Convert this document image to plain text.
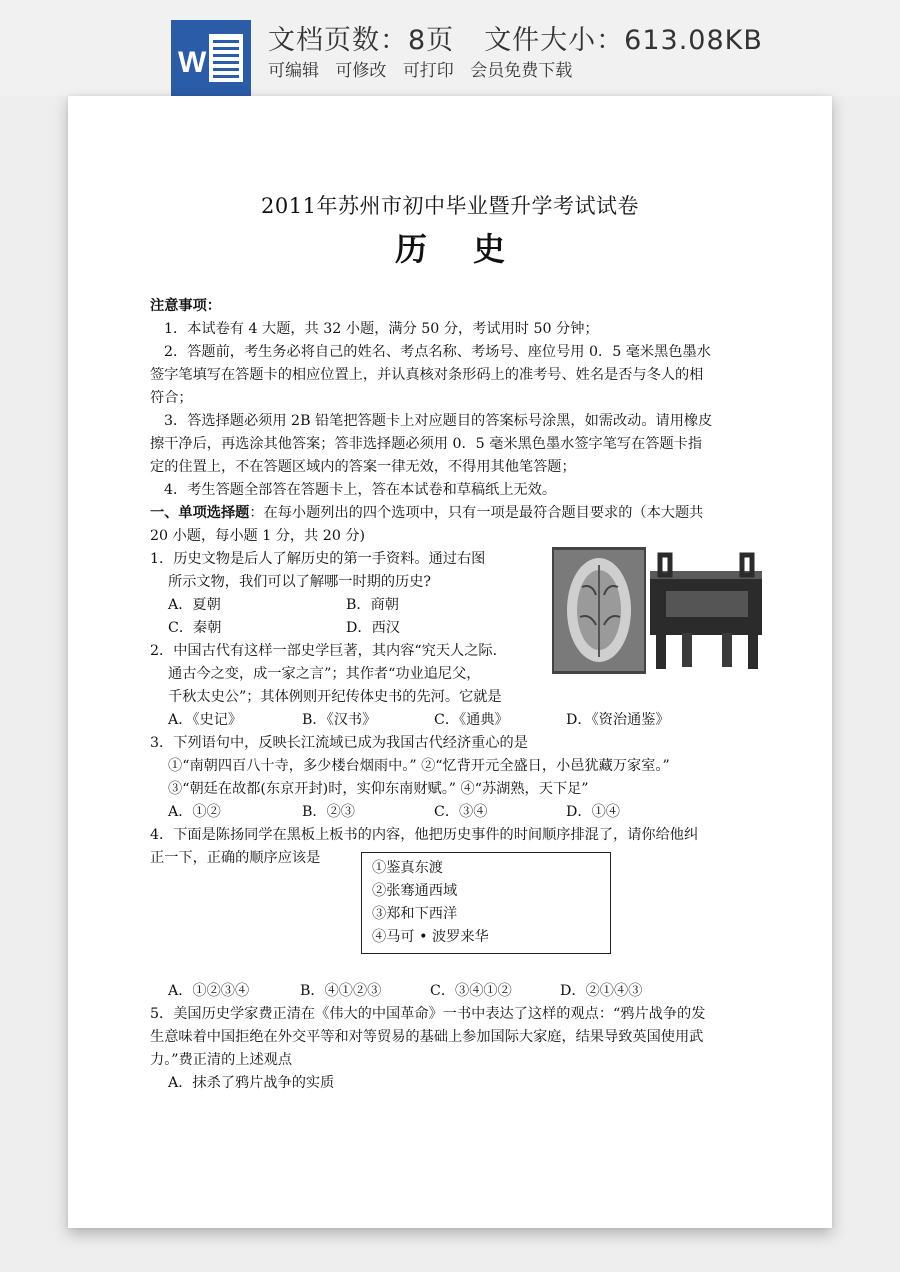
W
文档页数：8页 文件大小：613.08KB
可编辑 可修改 可打印 会员免费下载
2011年苏州市初中毕业暨升学考试试卷
历史
注意事项：
1．本试卷有 4 大题，共 32 小题，满分 50 分，考试用时 50 分钟；
2．答题前，考生务必将自己的姓名、考点名称、考场号、座位号用 0．5 毫米黑色墨水
签字笔填写在答题卡的相应位置上，并认真核对条形码上的准考号、姓名是否与冬人的相
符合；
3．答选择题必须用 2B 铅笔把答题卡上对应题目的答案标号涂黑，如需改动。请用橡皮
擦干净后，再选涂其他答案；答非选择题必须用 0．5 毫米黑色墨水签字笔写在答题卡指
定的住置上，不在答题区域内的答案一律无效，不得用其他笔答题；
4．考生答题全部答在答题卡上，答在本试卷和草稿纸上无效。
一、单项选择题：在每小题列出的四个选项中，只有一项是最符合题目要求的（本大题共
20 小题，每小题 1 分，共 20 分)
1．历史文物是后人了解历史的第一手资料。通过右图
所示文物，我们可以了解哪一时期的历史?
A．夏朝	B．商朝
C．秦朝	D．西汉
2．中国古代有这样一部史学巨著，其内容“究天人之际.
通古今之变，成一家之言”；其作者“功业追尼父，
千秋太史公”；其体例则开纪传体史书的先河。它就是
A．《史记》	B．《汉书》	C．《通典》	D．《资治通鉴》
3．下列语句中，反映长江流域已成为我国古代经济重心的是
①“南朝四百八十寺，多少楼台烟雨中。” ②“忆背开元全盛日，小邑犹藏万家室。”
③“朝廷在故都(东京开封)时，实仰东南财赋。” ④“苏湖熟，天下足”
A．①②	B．②③	C．③④	D．①④
4．下面是陈扬同学在黑板上板书的内容，他把历史事件的时间顺序排混了，请你给他纠
正一下，正确的顺序应该是
①鉴真东渡
②张骞通西域
③郑和下西洋
④马可 • 波罗来华
A．①②③④	B．④①②③	C．③④①②	D．②①④③
5．美国历史学家费正清在《伟大的中国革命》一书中表达了这样的观点：“鸦片战争的发
生意味着中国拒绝在外交平等和对等贸易的基础上参加国际大家庭，结果导致英国使用武
力。”费正清的上述观点
A．抹杀了鸦片战争的实质
